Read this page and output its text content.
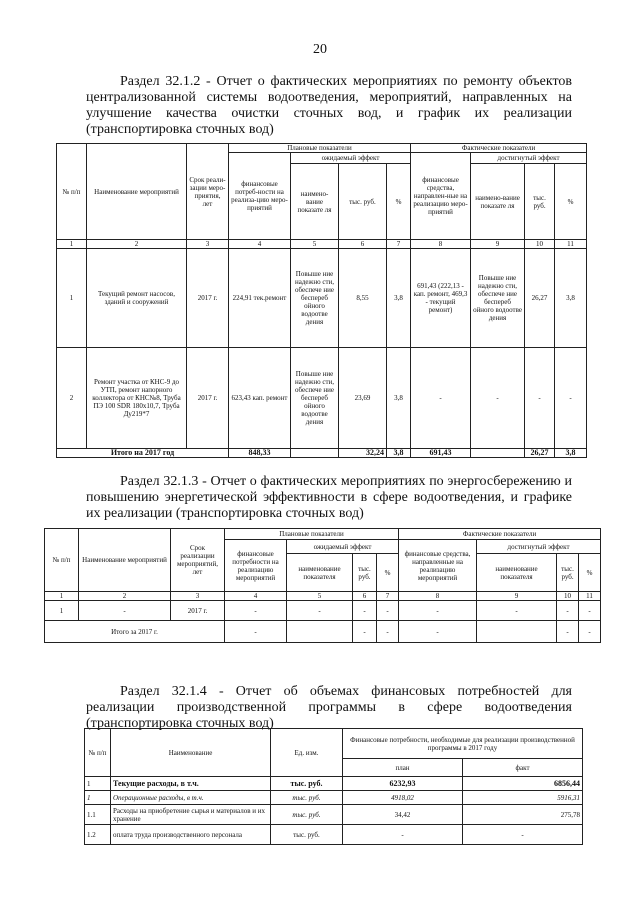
20
Раздел 32.1.2 - Отчет о фактических мероприятиях по ремонту объектов централизованной системы водоотведения, мероприятий, направленных на улучшение качества очистки сточных вод, и график их реализации (транспортировка сточных вод)
№ п/п	Наименование мероприятий	Срок реали-зации меро-приятия, лет	Плановые показатели				Фактические показатели			
			финансовые потреб-ности на реализа-цию меро-приятий	ожидаемый эффект			финансовые средства, направлен-ные на реализацию меро-приятий	достигнутый эффект		
				наимено-вание показате ля	тыс. руб.	%		наимено-вание показате ля	тыс. руб.	%
1	2	3	4	5	6	7	8	9	10	11
1	Текущий ремонт насосов, зданий и сооружений	2017 г.	224,91 тек.ремонт	Повыше ние надежно сти, обеспече ние беспереб ойного водоотве дения	8,55	3,8	691,43 (222,13 - кап. ремонт, 469,3 - текущий ремонт)	Повыше ние надежно сти, обеспече ние беспереб ойного водоотве дения	26,27	3,8
2	Ремонт участка от КНС-9 до УТП, ремонт напорного коллектора от КНС№8, Труба ПЭ 100 SDR 180х10,7, Труба Ду219*7	2017 г.	623,43 кап. ремонт	Повыше ние надежно сти, обеспече ние беспереб ойного водоотве дения	23,69	3,8	-	-	-	-
Итого на 2017 год			848,33		32,24	3,8	691,43		26,27	3,8
Раздел 32.1.3 - Отчет о фактических мероприятиях по энергосбережению и повышению энергетической эффективности в сфере водоотведения, и графике их реализации (транспортировка сточных вод)
№ п/п	Наименование мероприятий	Срок реализации мероприятий, лет	Плановые показатели				Фактические показатели			
			финансовые потребности на реализацию мероприятий	ожидаемый эффект			финансовые средства, направленные на реализацию мероприятий	достигнутый эффект		
				наименование показателя	тыс. руб.	%		наименование показателя	тыс. руб.	%
1	2	3	4	5	6	7	8	9	10	11
1	-	2017 г.	-	-	-	-	-	-	-	-
Итого за 2017 г.			-		-	-	-		-	-
Раздел 32.1.4 - Отчет об объемах финансовых потребностей для реализации производственной программы в сфере водоотведения (транспортировка сточных вод)
№ п/п	Наименование	Ед. изм.	Финансовые потребности, необходимые для реализации производственной программы в 2017 году	
			план	факт
1	Текущие расходы, в т.ч.	тыс. руб.	6232,93	6856,44
1	Операционные расходы, в т.ч.	тыс. руб.	4918,02	5916,31
1.1	Расходы на приобретение сырья и материалов и их хранение	тыс. руб.	34,42	275,78
1.2	оплата труда производственного персонала	тыс. руб.	-	-
